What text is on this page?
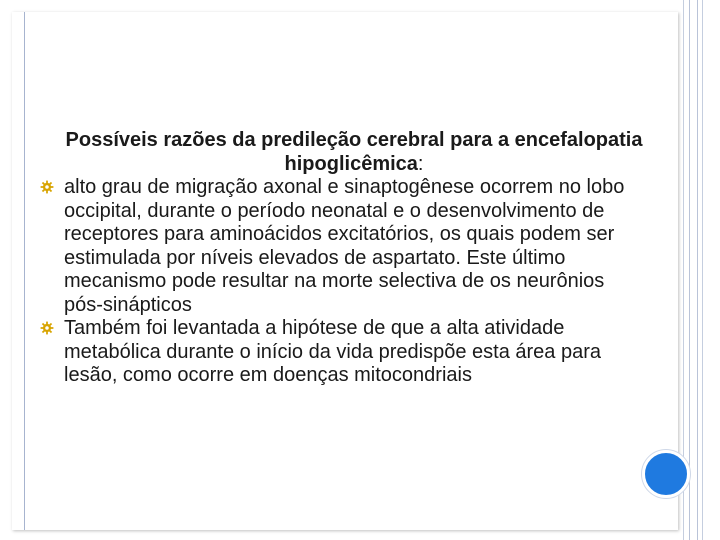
Possíveis razões da predileção cerebral para a encefalopatia hipoglicêmica:

alto grau de migração axonal e sinaptogênese ocorrem no lobo occipital, durante o período neonatal e o desenvolvimento de receptores para aminoácidos excitatórios, os quais podem ser estimulada por níveis elevados de aspartato. Este último mecanismo pode resultar na morte selectiva de os neurônios pós-sinápticos
Também foi levantada a hipótese de que a alta atividade metabólica durante o início da vida predispõe esta área para lesão, como ocorre em doenças mitocondriais
